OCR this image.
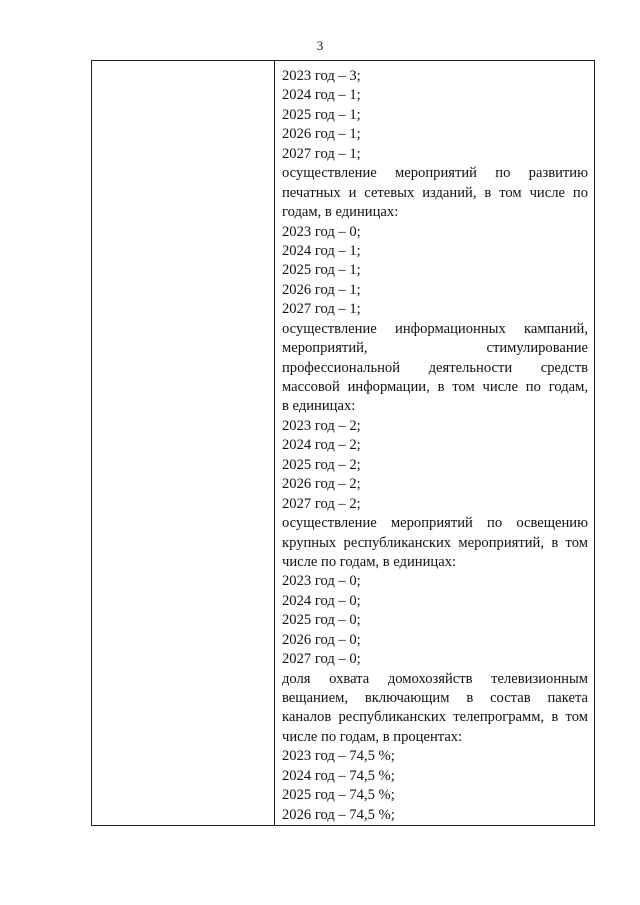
3
2023 год – 3;
2024 год – 1;
2025 год – 1;
2026 год – 1;
2027 год – 1;
осуществление мероприятий по развитию
печатных и сетевых изданий, в том числе по
годам, в единицах:
2023 год – 0;
2024 год – 1;
2025 год – 1;
2026 год – 1;
2027 год – 1;
осуществление информационных кампаний,
мероприятий, стимулирование
профессиональной деятельности средств
массовой информации, в том числе по годам,
в единицах:
2023 год – 2;
2024 год – 2;
2025 год – 2;
2026 год – 2;
2027 год – 2;
осуществление мероприятий по освещению
крупных республиканских мероприятий, в том
числе по годам, в единицах:
2023 год – 0;
2024 год – 0;
2025 год – 0;
2026 год – 0;
2027 год – 0;
доля охвата домохозяйств телевизионным
вещанием, включающим в состав пакета
каналов республиканских телепрограмм, в том
числе по годам, в процентах:
2023 год – 74,5 %;
2024 год – 74,5 %;
2025 год – 74,5 %;
2026 год – 74,5 %;
